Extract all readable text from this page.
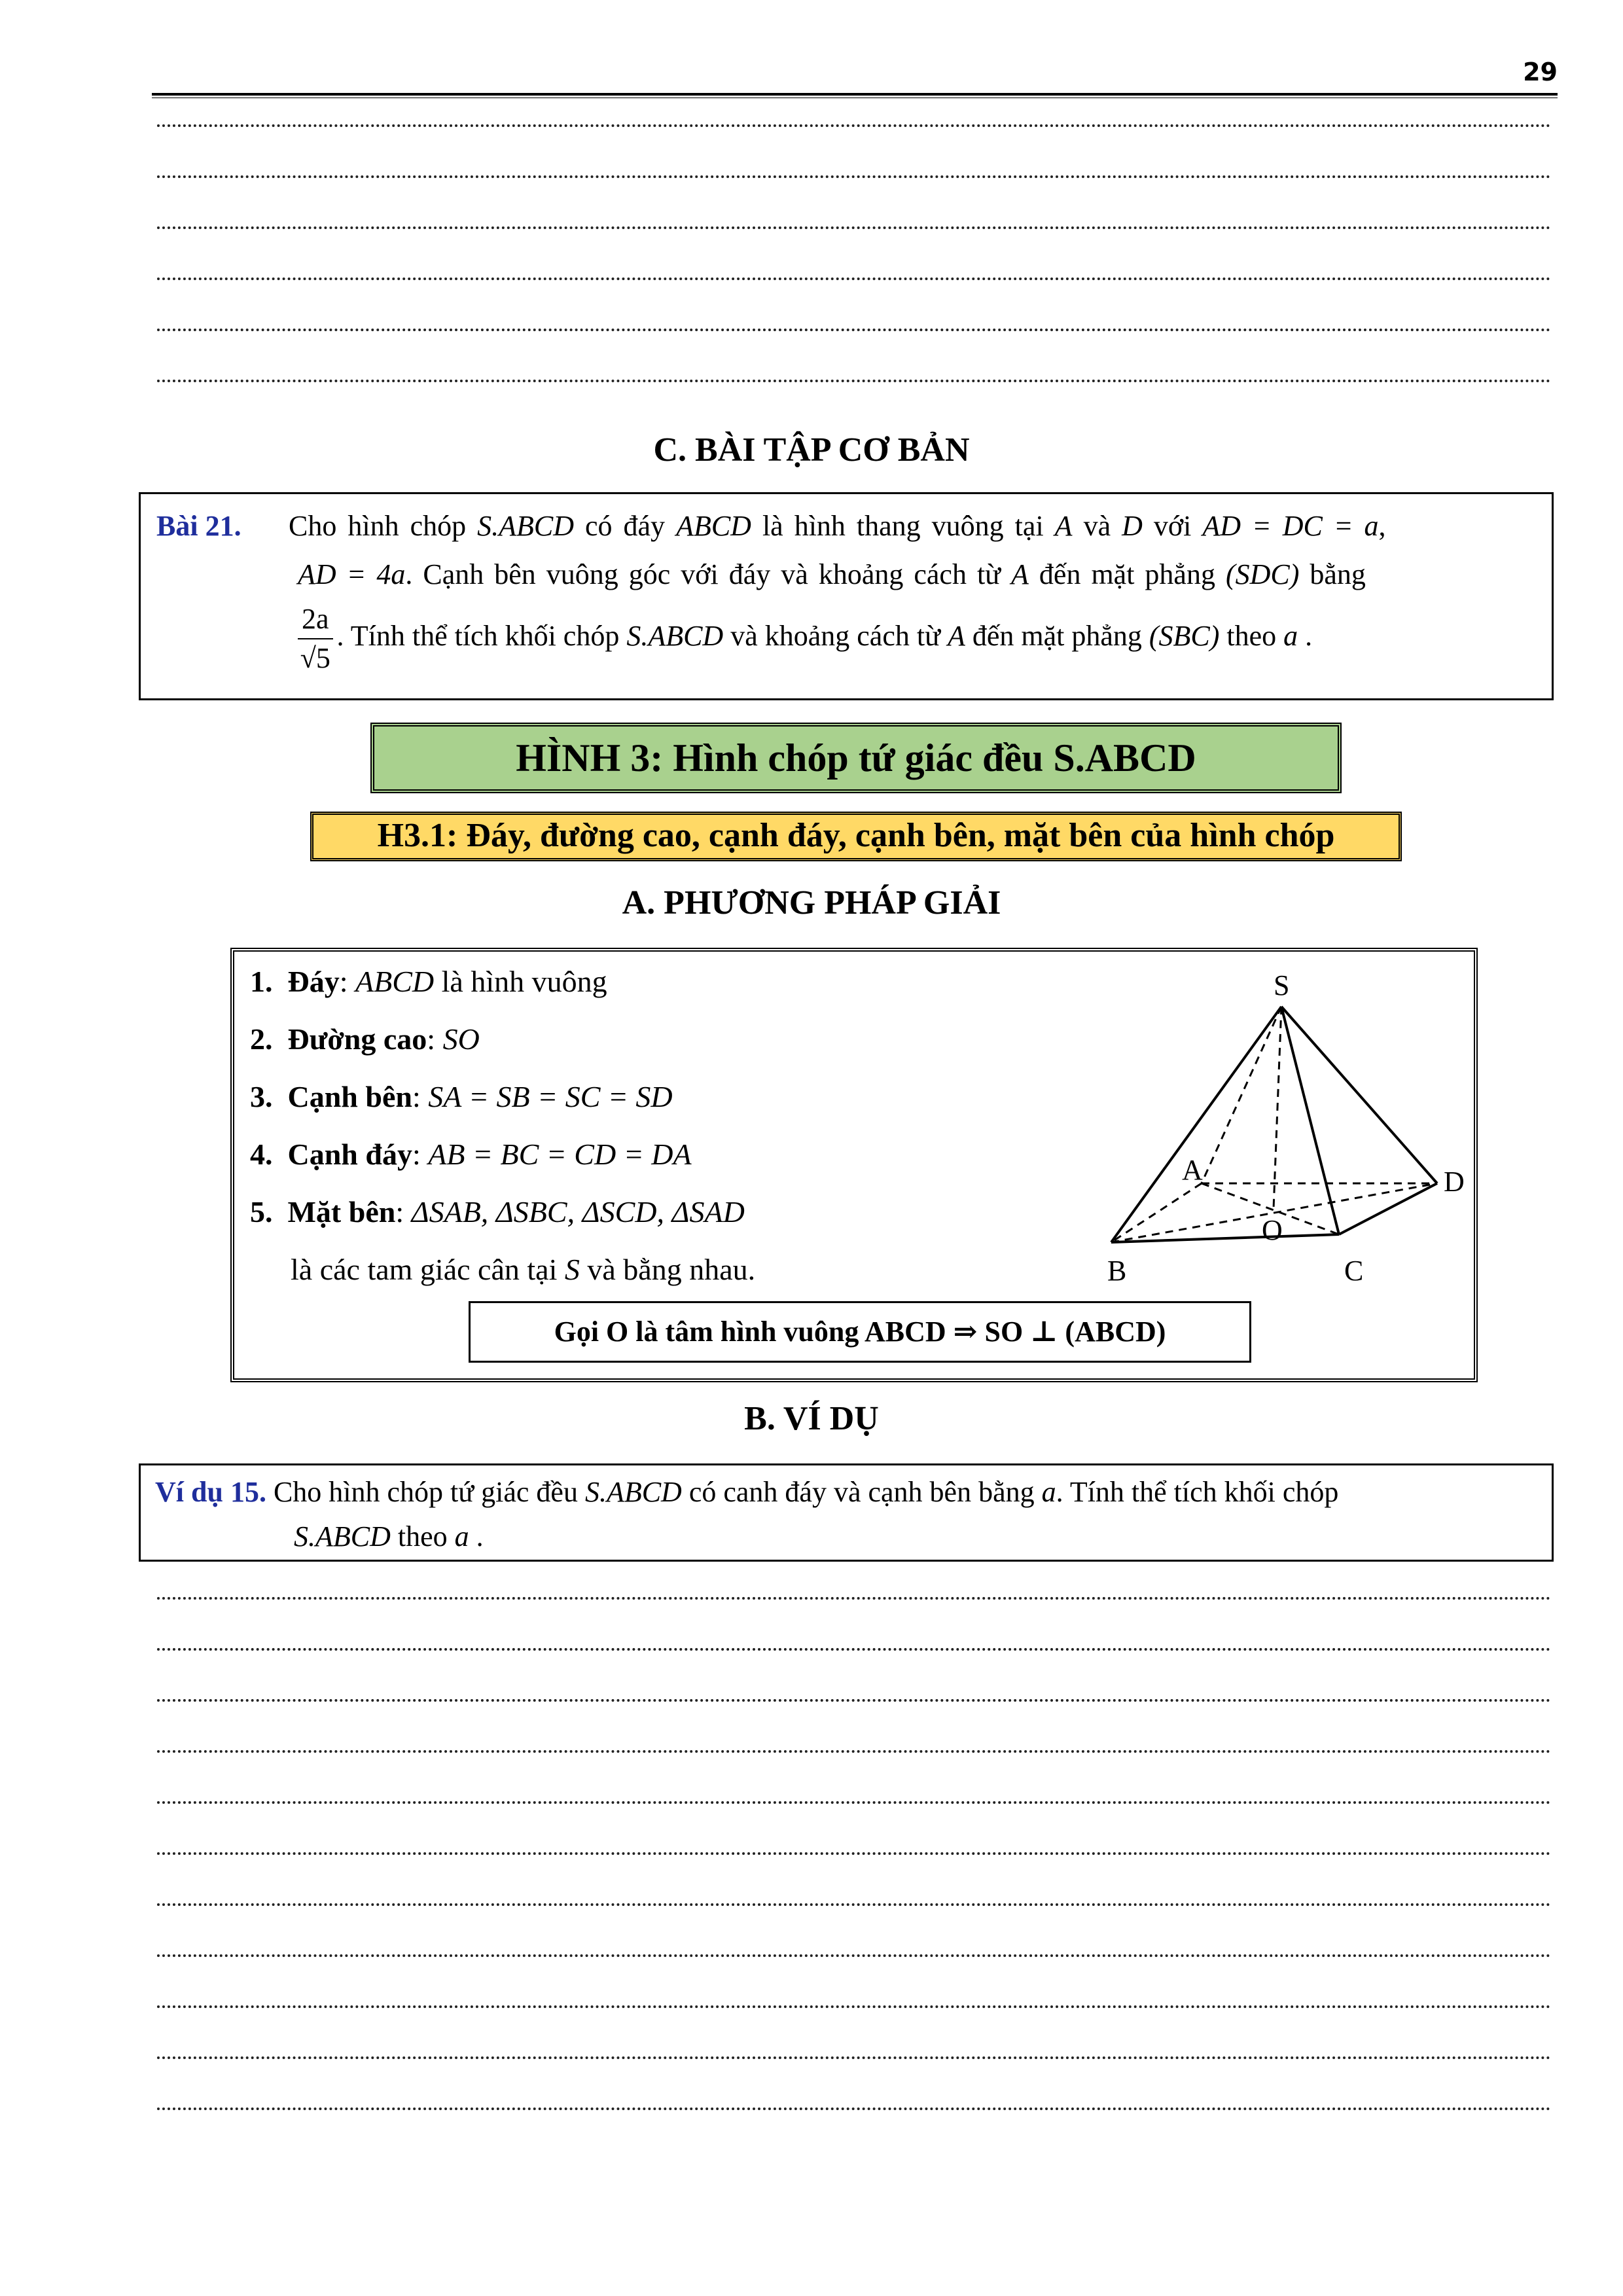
29
C. BÀI TẬP CƠ BẢN
Bài 21. Cho hình chóp S.ABCD có đáy ABCD là hình thang vuông tại A và D với AD = DC = a,
AD = 4a. Cạnh bên vuông góc với đáy và khoảng cách từ A đến mặt phẳng (SDC) bằng
$\frac{2a}{√5}$ . Tính thể tích khối chóp S.ABCD và khoảng cách từ A đến mặt phẳng (SBC) theo a .
HÌNH 3: Hình chóp tứ giác đều S.ABCD
H3.1: Đáy, đường cao, cạnh đáy, cạnh bên, mặt bên của hình chóp
A. PHƯƠNG PHÁP GIẢI
1. Đáy: ABCD là hình vuông
2. Đường cao: SO
3. Cạnh bên: SA = SB = SC = SD
4. Cạnh đáy: AB = BC = CD = DA
5. Mặt bên: ΔSAB, ΔSBC, ΔSCD, ΔSAD
là các tam giác cân tại S và bằng nhau.
S
A	D
O
B	C
Gọi O là tâm hình vuông ABCD ⇒ SO ⊥ (ABCD)
B. VÍ DỤ
Ví dụ 15. Cho hình chóp tứ giác đều S.ABCD có canh đáy và cạnh bên bằng a. Tính thể tích khối chóp
S.ABCD theo a .
